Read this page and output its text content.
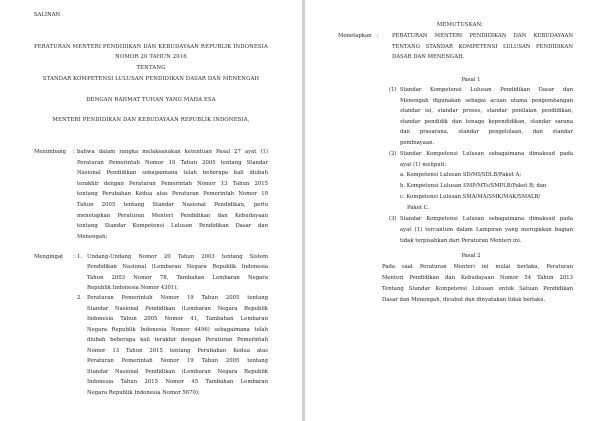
SALINAN
PERATURAN MENTERI PENDIDIKAN DAN KEBUDAYAAN REPUBLIK INDONESIA
NOMOR 20 TAHUN 2016
TENTANG
STANDAR KOMPETENSI LULUSAN PENDIDIKAN DASAR DAN MENENGAH
DENGAN RAHMAT TUHAN YANG MAHA ESA
MENTERI PENDIDIKAN DAN KEBUDAYAAN REPUBLIK INDONESIA,
Menimbang : bahwa dalam rangka melaksanakan ketentuan Pasal 27 ayat (1)
Peraturan Pemerintah Nomor 19 Tahun 2005 tentang Standar
Nasional Pendidikan sebagaimana telah beberapa kali diubah
terakhir dengan Peraturan Pemerintah Nomor 13 Tahun 2015
tentang Perubahan Kedua atas Peraturan Pemerintah Nomor 19
Tahun 2005 tentang Standar Nasional Pendidikan, perlu
menetapkan Peraturan Menteri Pendidikan dan Kebudayaan
tentang Standar Kompetensi Lulusan Pendidikan Dasar dan
Menengah;
Mengingat : 1. Undang-Undang Nomor 20 Tahun 2003 tentang Sistem
Pendidikan Nasional (Lembaran Negara Republik Indonesia
Tahun 2003 Nomor 78, Tambahan Lembaran Negara
Republik Indonesia Nomor 4301);
2. Peraturan Pemerintah Nomor 19 Tahun 2005 tentang
Standar Nasional Pendidikan (Lembaran Negara Republik
Indonesia Tahun 2005 Nomor 41, Tambahan Lembaran
Negara Republik Indonesia Nomor 4496) sebagaimana telah
diubah beberapa kali terakhir dengan Peraturan Pemerintah
Nomor 13 Tahun 2015 tentang Perubahan Kedua atas
Peraturan Pemerintah Nomor 19 Tahun 2005 tentang
Standar Nasional Pendidikan (Lembaran Negara Republik
Indonesia Tahun 2015 Nomor 45 Tambahan Lembaran
Negara Republik Indonesia Nomor 5670);
MEMUTUSKAN:
Menetapkan : PERATURAN MENTERI PENDIDIKAN DAN KEBUDAYAAN
TENTANG STANDAR KOMPETENSI LULUSAN PENDIDIKAN
DASAR DAN MENENGAH.
Pasal 1
(1) Standar Kompetensi Lulusan Pendidikan Dasar dan
Menengah digunakan sebagai acuan utama pengembangan
standar isi, standar proses, standar penilaian pendidikan,
standar pendidik dan tenaga kependidikan, standar sarana
dan prasarana, standar pengelolaan, dan standar
pembiayaan.
(2) Standar Kompetensi Lulusan sebagaimana dimaksud pada
ayat (1) meliputi:
a. Kompetensi Lulusan SD/MI/SDLB/Paket A;
b. Kompetensi Lulusan SMP/MTs/SMPLB/Paket B; dan
c. Kompetensi Lulusan SMA/MA/SMK/MAK/SMALB/
Paket C.
(3) Standar Kompetensi Lulusan sebagaimana dimaksud pada
ayat (1) tercantum dalam Lampiran yang merupakan bagian
tidak terpisahkan dari Peraturan Menteri ini.
Pasal 2
Pada saat Peraturan Menteri ini mulai berlaku, Peraturan
Menteri Pendidikan dan Kebudayaan Nomor 54 Tahun 2013
Tentang Standar Kompetensi Lulusan untuk Satuan Pendidikan
Dasar dan Menengah, dicabut dan dinyatakan tidak berlaku.
